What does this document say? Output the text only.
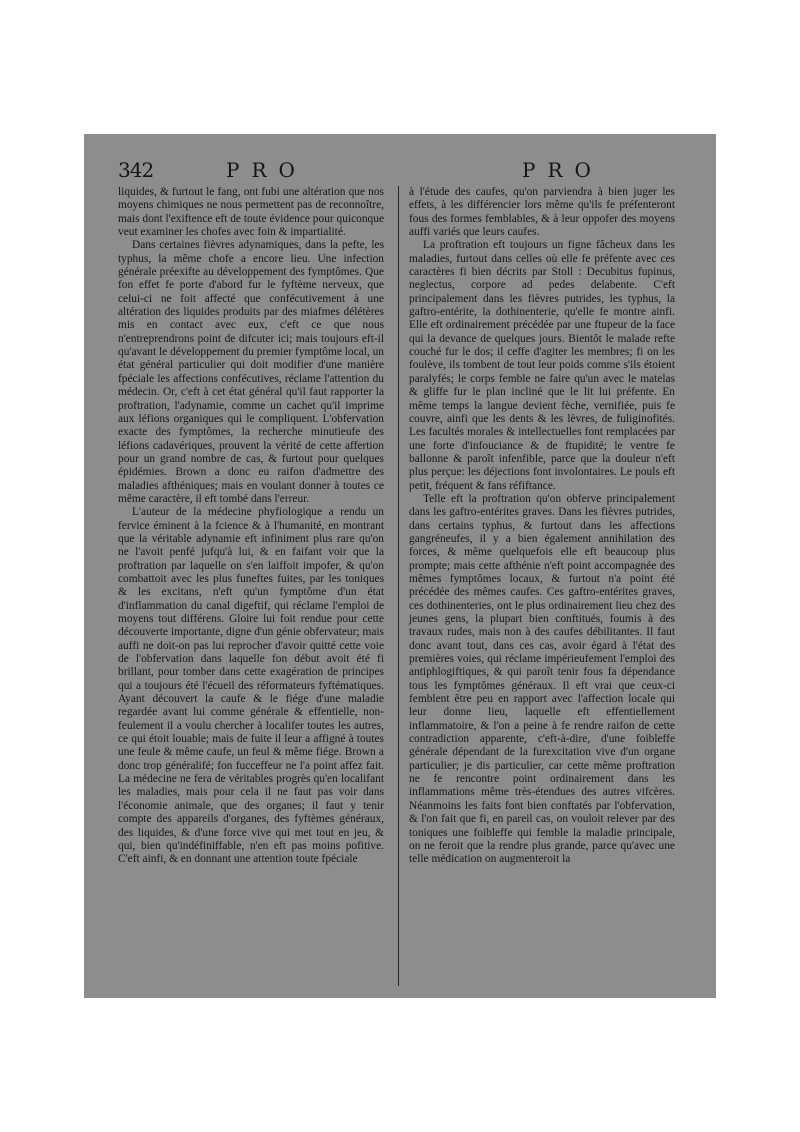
342	PRO	PRO

liquides, & furtout le fang, ont fubi une altération que nos moyens chimiques ne nous permettent pas de reconnoître, mais dont l'exiftence eft de toute évidence pour quiconque veut examiner les chofes avec foin & impartialité.

Dans certaines fièvres adynamiques, dans la pefte, les typhus, la même chofe a encore lieu. Une infection générale préexifte au développement des fymptômes. Que fon effet fe porte d'abord fur le fyftème nerveux, que celui-ci ne foit affecté que confécutivement à une altération des liquides produits par des miafmes délétères mis en contact avec eux, c'eft ce que nous n'entreprendrons point de difcuter ici; mais toujours eft-il qu'avant le développement du premier fymptôme local, un état général particulier qui doit modifier d'une manière fpéciale les affections confécutives, réclame l'attention du médecin. Or, c'eft à cet état général qu'il faut rapporter la proftration, l'adynamie, comme un cachet qu'il imprime aux léfions organiques qui le compliquent. L'obfervation exacte des fymptômes, la recherche minutieufe des léfions cadavériques, prouvent la vérité de cette affertion pour un grand nombre de cas, & furtout pour quelques épidémies. Brown a donc eu raifon d'admettre des maladies afthéniques; mais en voulant donner à toutes ce même caractère, il eft tombé dans l'erreur.

L'auteur de la médecine phyfiologique a rendu un fervice éminent à la fcience & à l'humanité, en montrant que la véritable adynamie eft infiniment plus rare qu'on ne l'avoit penfé jufqu'à lui, & en faifant voir que la proftration par laquelle on s'en laiffoit impofer, & qu'on combattoit avec les plus funeftes fuites, par les toniques & les excitans, n'eft qu'un fymptôme d'un état d'inflammation du canal digeftif, qui réclame l'emploi de moyens tout différens. Gloire lui foit rendue pour cette découverte importante, digne d'un génie obfervateur; mais auffi ne doit-on pas lui reprocher d'avoir quitté cette voie de l'obfervation dans laquelle fon début avoit été fi brillant, pour tomber dans cette exagération de principes qui a toujours été l'écueil des réformateurs fyftématiques. Ayant découvert la caufe & le fiége d'une maladie regardée avant lui comme générale & effentielle, non-feulement il a voulu chercher à localifer toutes les autres, ce qui étoit louable; mais de fuite il leur a affigné à toutes une feule & même caufe, un feul & même fiége. Brown a donc trop généralifé; fon fucceffeur ne l'a point affez fait. La médecine ne fera de véritables progrès qu'en localifant les maladies, mais pour cela il ne faut pas voir dans l'économie animale, que des organes; il faut y tenir compte des appareils d'organes, des fyftèmes généraux, des liquides, & d'une force vive qui met tout en jeu, & qui, bien qu'indéfiniffable, n'en eft pas moins pofitive. C'eft ainfi, & en donnant une attention toute fpéciale

à l'étude des caufes, qu'on parviendra à bien juger les effets, à les différencier lors même qu'ils fe préfenteront fous des formes femblables, & à leur oppofer des moyens auffi variés que leurs caufes.

La proftration eft toujours un figne fâcheux dans les maladies, furtout dans celles où elle fe préfente avec ces caractères fi bien décrits par Stoll : Decubitus fupinus, neglectus, corpore ad pedes delabente. C'eft principalement dans les fièvres putrides, les typhus, la gaftro-entérite, la dothinenterie, qu'elle fe montre ainfi. Elle eft ordinairement précédée par une ftupeur de la face qui la devance de quelques jours. Bientôt le malade refte couché fur le dos; il ceffe d'agiter les membres; fi on les foulève, ils tombent de tout leur poids comme s'ils étoient paralyfés; le corps femble ne faire qu'un avec le matelas & gliffe fur le plan incliné que le lit lui préfente. En même temps la langue devient fèche, vernifiée, puis fe couvre, ainfi que les dents & les lèvres, de fuliginofités. Les facultés morales & intellectuelles font remplacées par une forte d'infouciance & de ftupidité; le ventre fe ballonne & paroît infenfible, parce que la douleur n'eft plus perçue: les déjections font involontaires. Le pouls eft petit, fréquent & fans réfiftance.

Telle eft la proftration qu'on obferve principalement dans les gaftro-entérites graves. Dans les fièvres putrides, dans certains typhus, & furtout dans les affections gangréneufes, il y a bien également annihilation des forces, & même quelquefois elle eft beaucoup plus prompte; mais cette afthénie n'eft point accompagnée des mêmes fymptômes locaux, & furtout n'a point été précédée des mêmes caufes. Ces gaftro-entérites graves, ces dothinenteries, ont le plus ordinairement lieu chez des jeunes gens, la plupart bien conftitués, foumis à des travaux rudes, mais non à des caufes débilitantes. Il faut donc avant tout, dans ces cas, avoir égard à l'état des premières voies, qui réclame impérieufement l'emploi des antiphlogiftiques, & qui paroît tenir fous fa dépendance tous les fymptômes généraux. Il eft vrai que ceux-ci femblent être peu en rapport avec l'affection locale qui leur donne lieu, laquelle eft effentiellement inflammatoire, & l'on a peine à fe rendre raifon de cette contradiction apparente, c'eft-à-dire, d'une foibleffe générale dépendant de la furexcitation vive d'un organe particulier; je dis particulier, car cette même proftration ne fe rencontre point ordinairement dans les inflammations même très-étendues des autres vifcères. Néanmoins les faits font bien conftatés par l'obfervation, & l'on fait que fi, en pareil cas, on vouloit relever par des toniques une foibleffe qui femble la maladie principale, on ne feroit que la rendre plus grande, parce qu'avec une telle médication on augmenteroit la
